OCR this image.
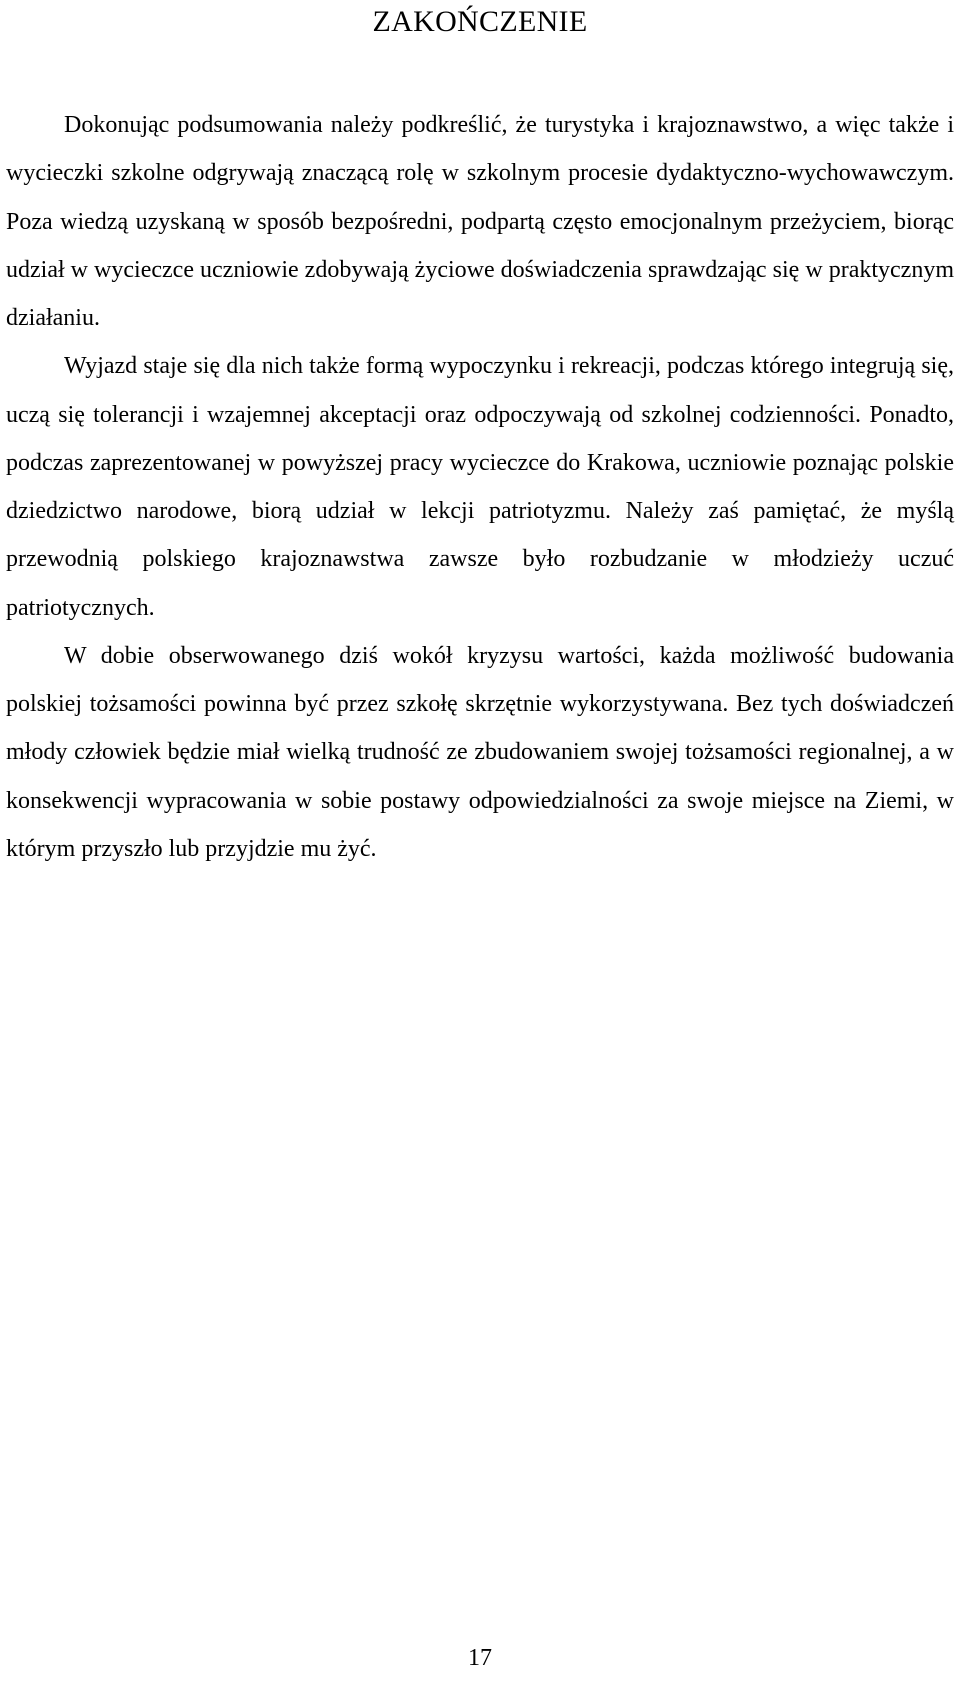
ZAKOŃCZENIE

Dokonując podsumowania należy podkreślić, że turystyka i krajoznawstwo, a więc także i wycieczki szkolne odgrywają znaczącą rolę w szkolnym procesie dydaktyczno-wychowawczym. Poza wiedzą uzyskaną w sposób bezpośredni, podpartą często emocjonalnym przeżyciem, biorąc udział w wycieczce uczniowie zdobywają życiowe doświadczenia sprawdzając się w praktycznym działaniu.

Wyjazd staje się dla nich także formą wypoczynku i rekreacji, podczas którego integrują się, uczą się tolerancji i wzajemnej akceptacji oraz odpoczywają od szkolnej codzienności. Ponadto, podczas zaprezentowanej w powyższej pracy wycieczce do Krakowa, uczniowie poznając polskie dziedzictwo narodowe, biorą udział w lekcji patriotyzmu. Należy zaś pamiętać, że myślą przewodnią polskiego krajoznawstwa zawsze było rozbudzanie w młodzieży uczuć patriotycznych.

W dobie obserwowanego dziś wokół kryzysu wartości, każda możliwość budowania polskiej tożsamości powinna być przez szkołę skrzętnie wykorzystywana. Bez tych doświadczeń młody człowiek będzie miał wielką trudność ze zbudowaniem swojej tożsamości regionalnej, a w konsekwencji wypracowania w sobie postawy odpowiedzialności za swoje miejsce na Ziemi, w którym przyszło lub przyjdzie mu żyć.

17
